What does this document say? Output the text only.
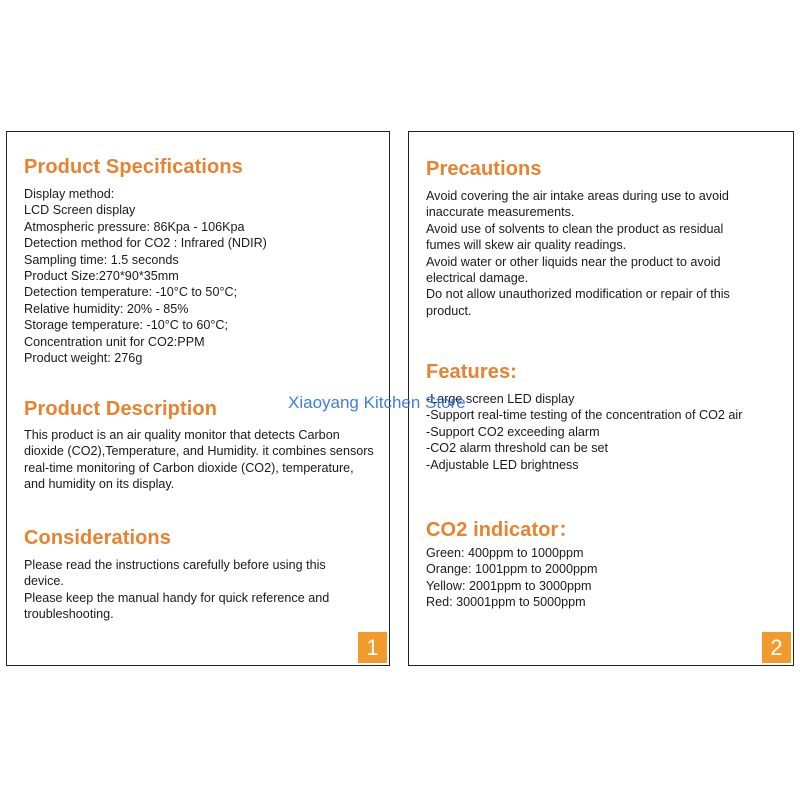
Product Specifications
Display method:
LCD Screen display
Atmospheric pressure: 86Kpa - 106Kpa
Detection method for CO2 : Infrared (NDIR)
Sampling time: 1.5 seconds
Product Size:270*90*35mm
Detection temperature: -10°C to 50°C;
Relative humidity: 20% - 85%
Storage temperature: -10°C to 60°C;
Concentration unit for CO2:PPM
Product weight: 276g
Product Description

This product is an air quality monitor that detects Carbon dioxide (CO2),Temperature, and Humidity. it combines sensors real-time monitoring of Carbon dioxide (CO2), temperature, and humidity on its display.

Considerations
Please read the instructions carefully before using this
device.
Please keep the manual handy for quick reference and
troubleshooting.
1
Precautions
Avoid covering the air intake areas during use to avoid
inaccurate measurements.
Avoid use of solvents to clean the product as residual
fumes will skew air quality readings.
Avoid water or other liquids near the product to avoid
electrical damage.
Do not allow unauthorized modification or repair of this
product.
Features:
-Large screen LED display
-Support real-time testing of the concentration of CO2 air
-Support CO2 exceeding alarm
-CO2 alarm threshold can be set
-Adjustable LED brightness
CO2 indicator：
Green: 400ppm to 1000ppm
Orange: 1001ppm to 2000ppm
Yellow: 2001ppm to 3000ppm
Red: 30001ppm to 5000ppm
2
Xiaoyang Kitchen Store
